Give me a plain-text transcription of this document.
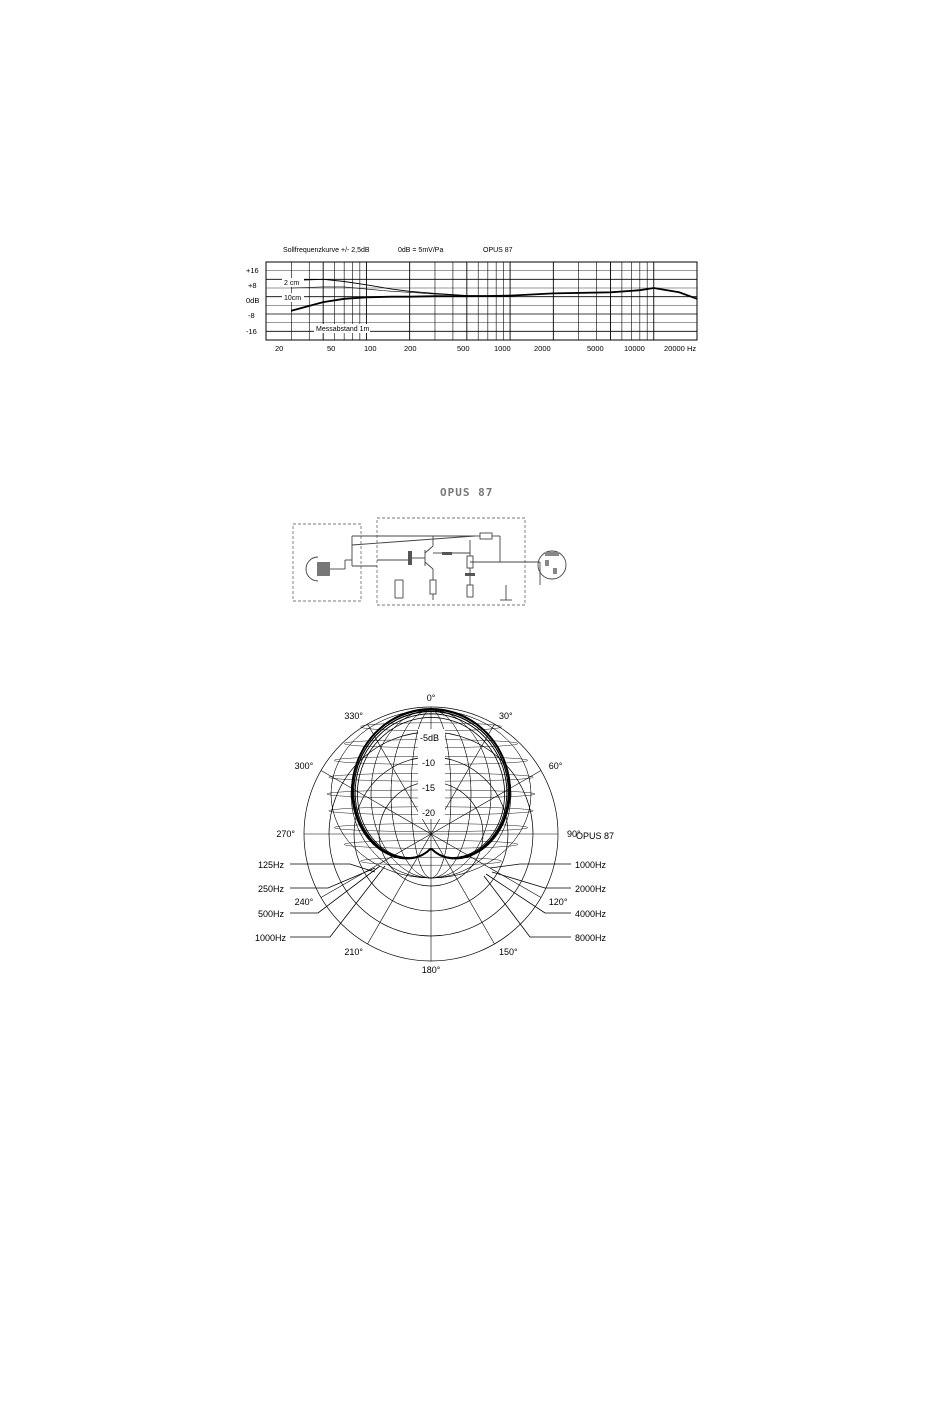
Sollfrequenzkurve +/- 2,5dB	0dB = 5mV/Pa	OPUS 87
+16
+8
0dB
-8
-16
20	50	100	200	500	1000	2000	5000	10000	20000 Hz
2 cm
10cm
Messabstand 1m
OPUS 87
0°
30°
60°
90°
120°
150°
180°
210°
240°
270°
300°
330°
-5dB
-10
-15
-20
OPUS 87
125Hz
250Hz
500Hz
1000Hz
1000Hz
2000Hz
4000Hz
8000Hz
